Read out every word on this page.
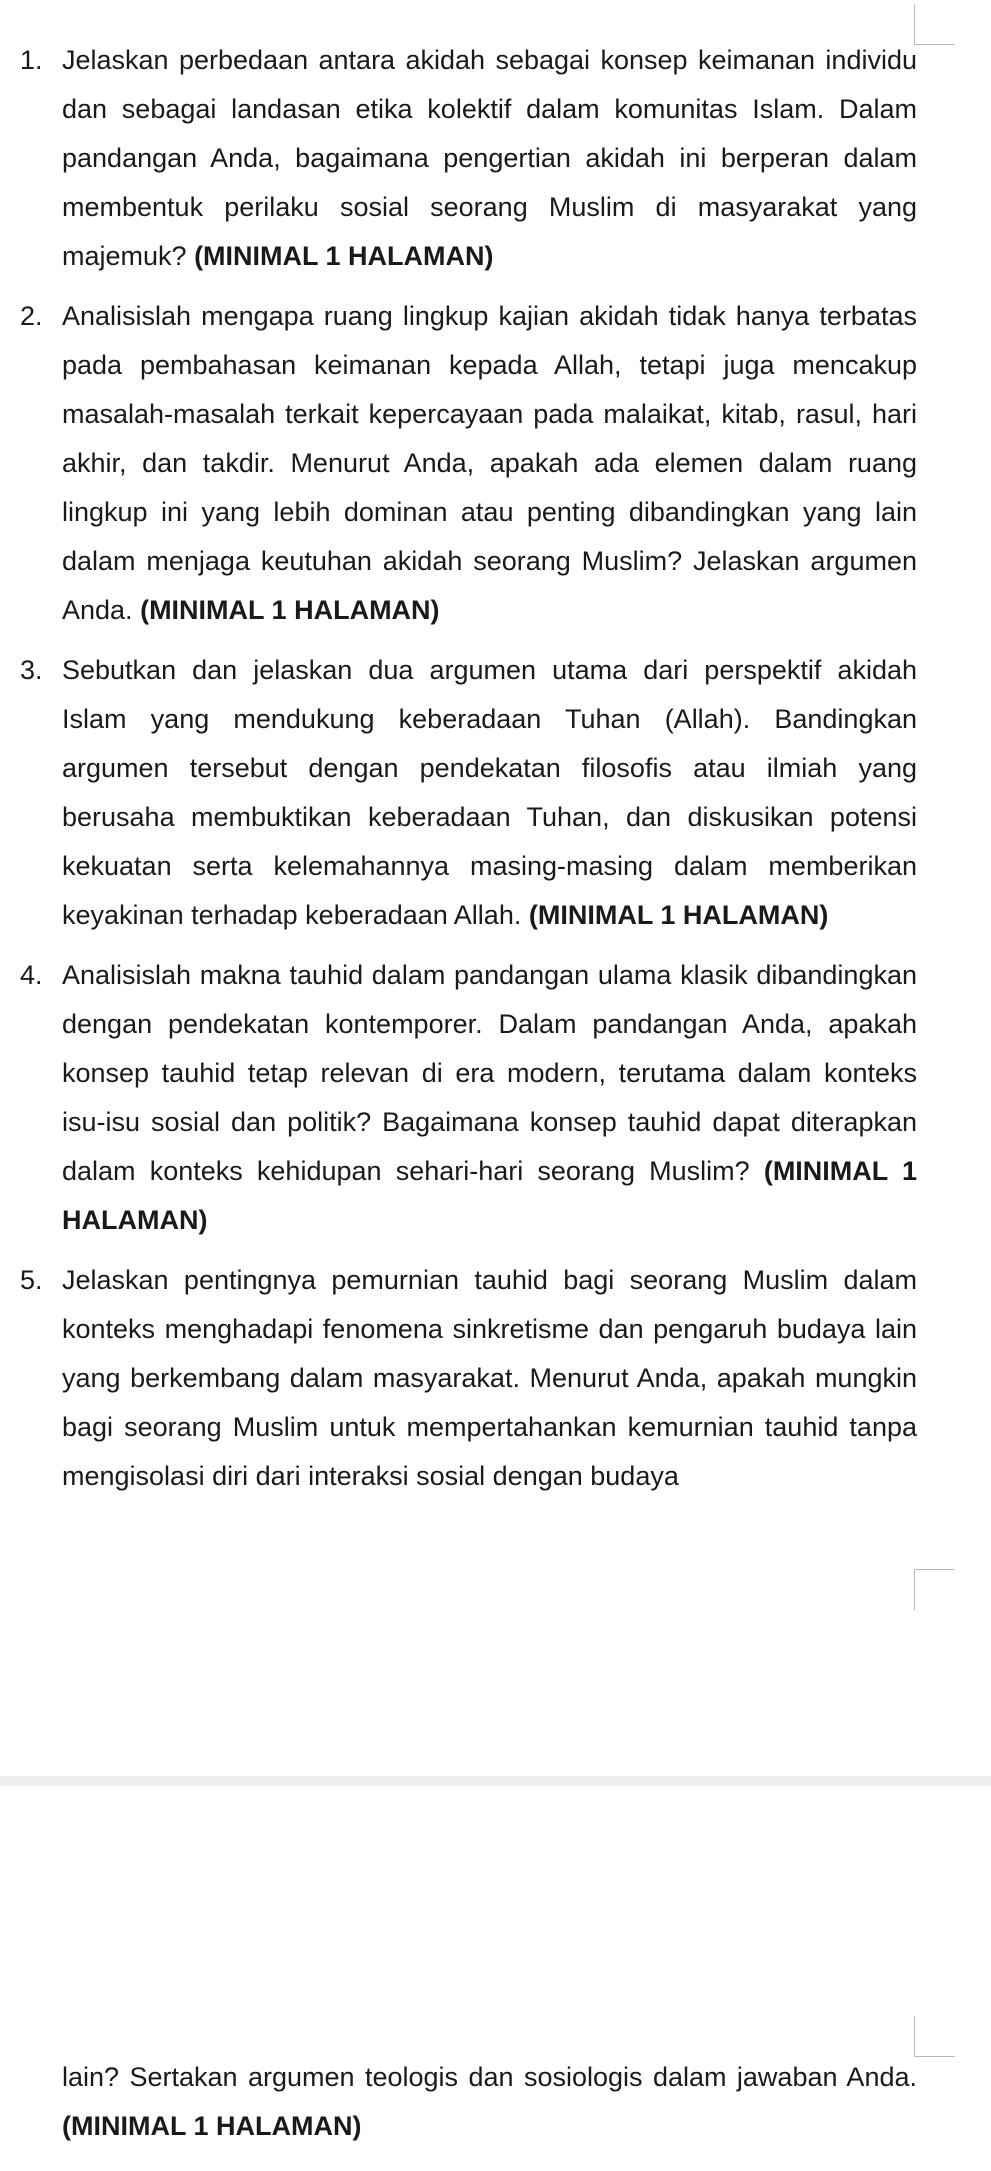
1. Jelaskan perbedaan antara akidah sebagai konsep keimanan individu dan sebagai landasan etika kolektif dalam komunitas Islam. Dalam pandangan Anda, bagaimana pengertian akidah ini berperan dalam membentuk perilaku sosial seorang Muslim di masyarakat yang majemuk? (MINIMAL 1 HALAMAN)
2. Analisislah mengapa ruang lingkup kajian akidah tidak hanya terbatas pada pembahasan keimanan kepada Allah, tetapi juga mencakup masalah-masalah terkait kepercayaan pada malaikat, kitab, rasul, hari akhir, dan takdir. Menurut Anda, apakah ada elemen dalam ruang lingkup ini yang lebih dominan atau penting dibandingkan yang lain dalam menjaga keutuhan akidah seorang Muslim? Jelaskan argumen Anda. (MINIMAL 1 HALAMAN)
3. Sebutkan dan jelaskan dua argumen utama dari perspektif akidah Islam yang mendukung keberadaan Tuhan (Allah). Bandingkan argumen tersebut dengan pendekatan filosofis atau ilmiah yang berusaha membuktikan keberadaan Tuhan, dan diskusikan potensi kekuatan serta kelemahannya masing-masing dalam memberikan keyakinan terhadap keberadaan Allah. (MINIMAL 1 HALAMAN)
4. Analisislah makna tauhid dalam pandangan ulama klasik dibandingkan dengan pendekatan kontemporer. Dalam pandangan Anda, apakah konsep tauhid tetap relevan di era modern, terutama dalam konteks isu-isu sosial dan politik? Bagaimana konsep tauhid dapat diterapkan dalam konteks kehidupan sehari-hari seorang Muslim? (MINIMAL 1 HALAMAN)
5. Jelaskan pentingnya pemurnian tauhid bagi seorang Muslim dalam konteks menghadapi fenomena sinkretisme dan pengaruh budaya lain yang berkembang dalam masyarakat. Menurut Anda, apakah mungkin bagi seorang Muslim untuk mempertahankan kemurnian tauhid tanpa mengisolasi diri dari interaksi sosial dengan budaya

lain? Sertakan argumen teologis dan sosiologis dalam jawaban Anda. (MINIMAL 1 HALAMAN)
